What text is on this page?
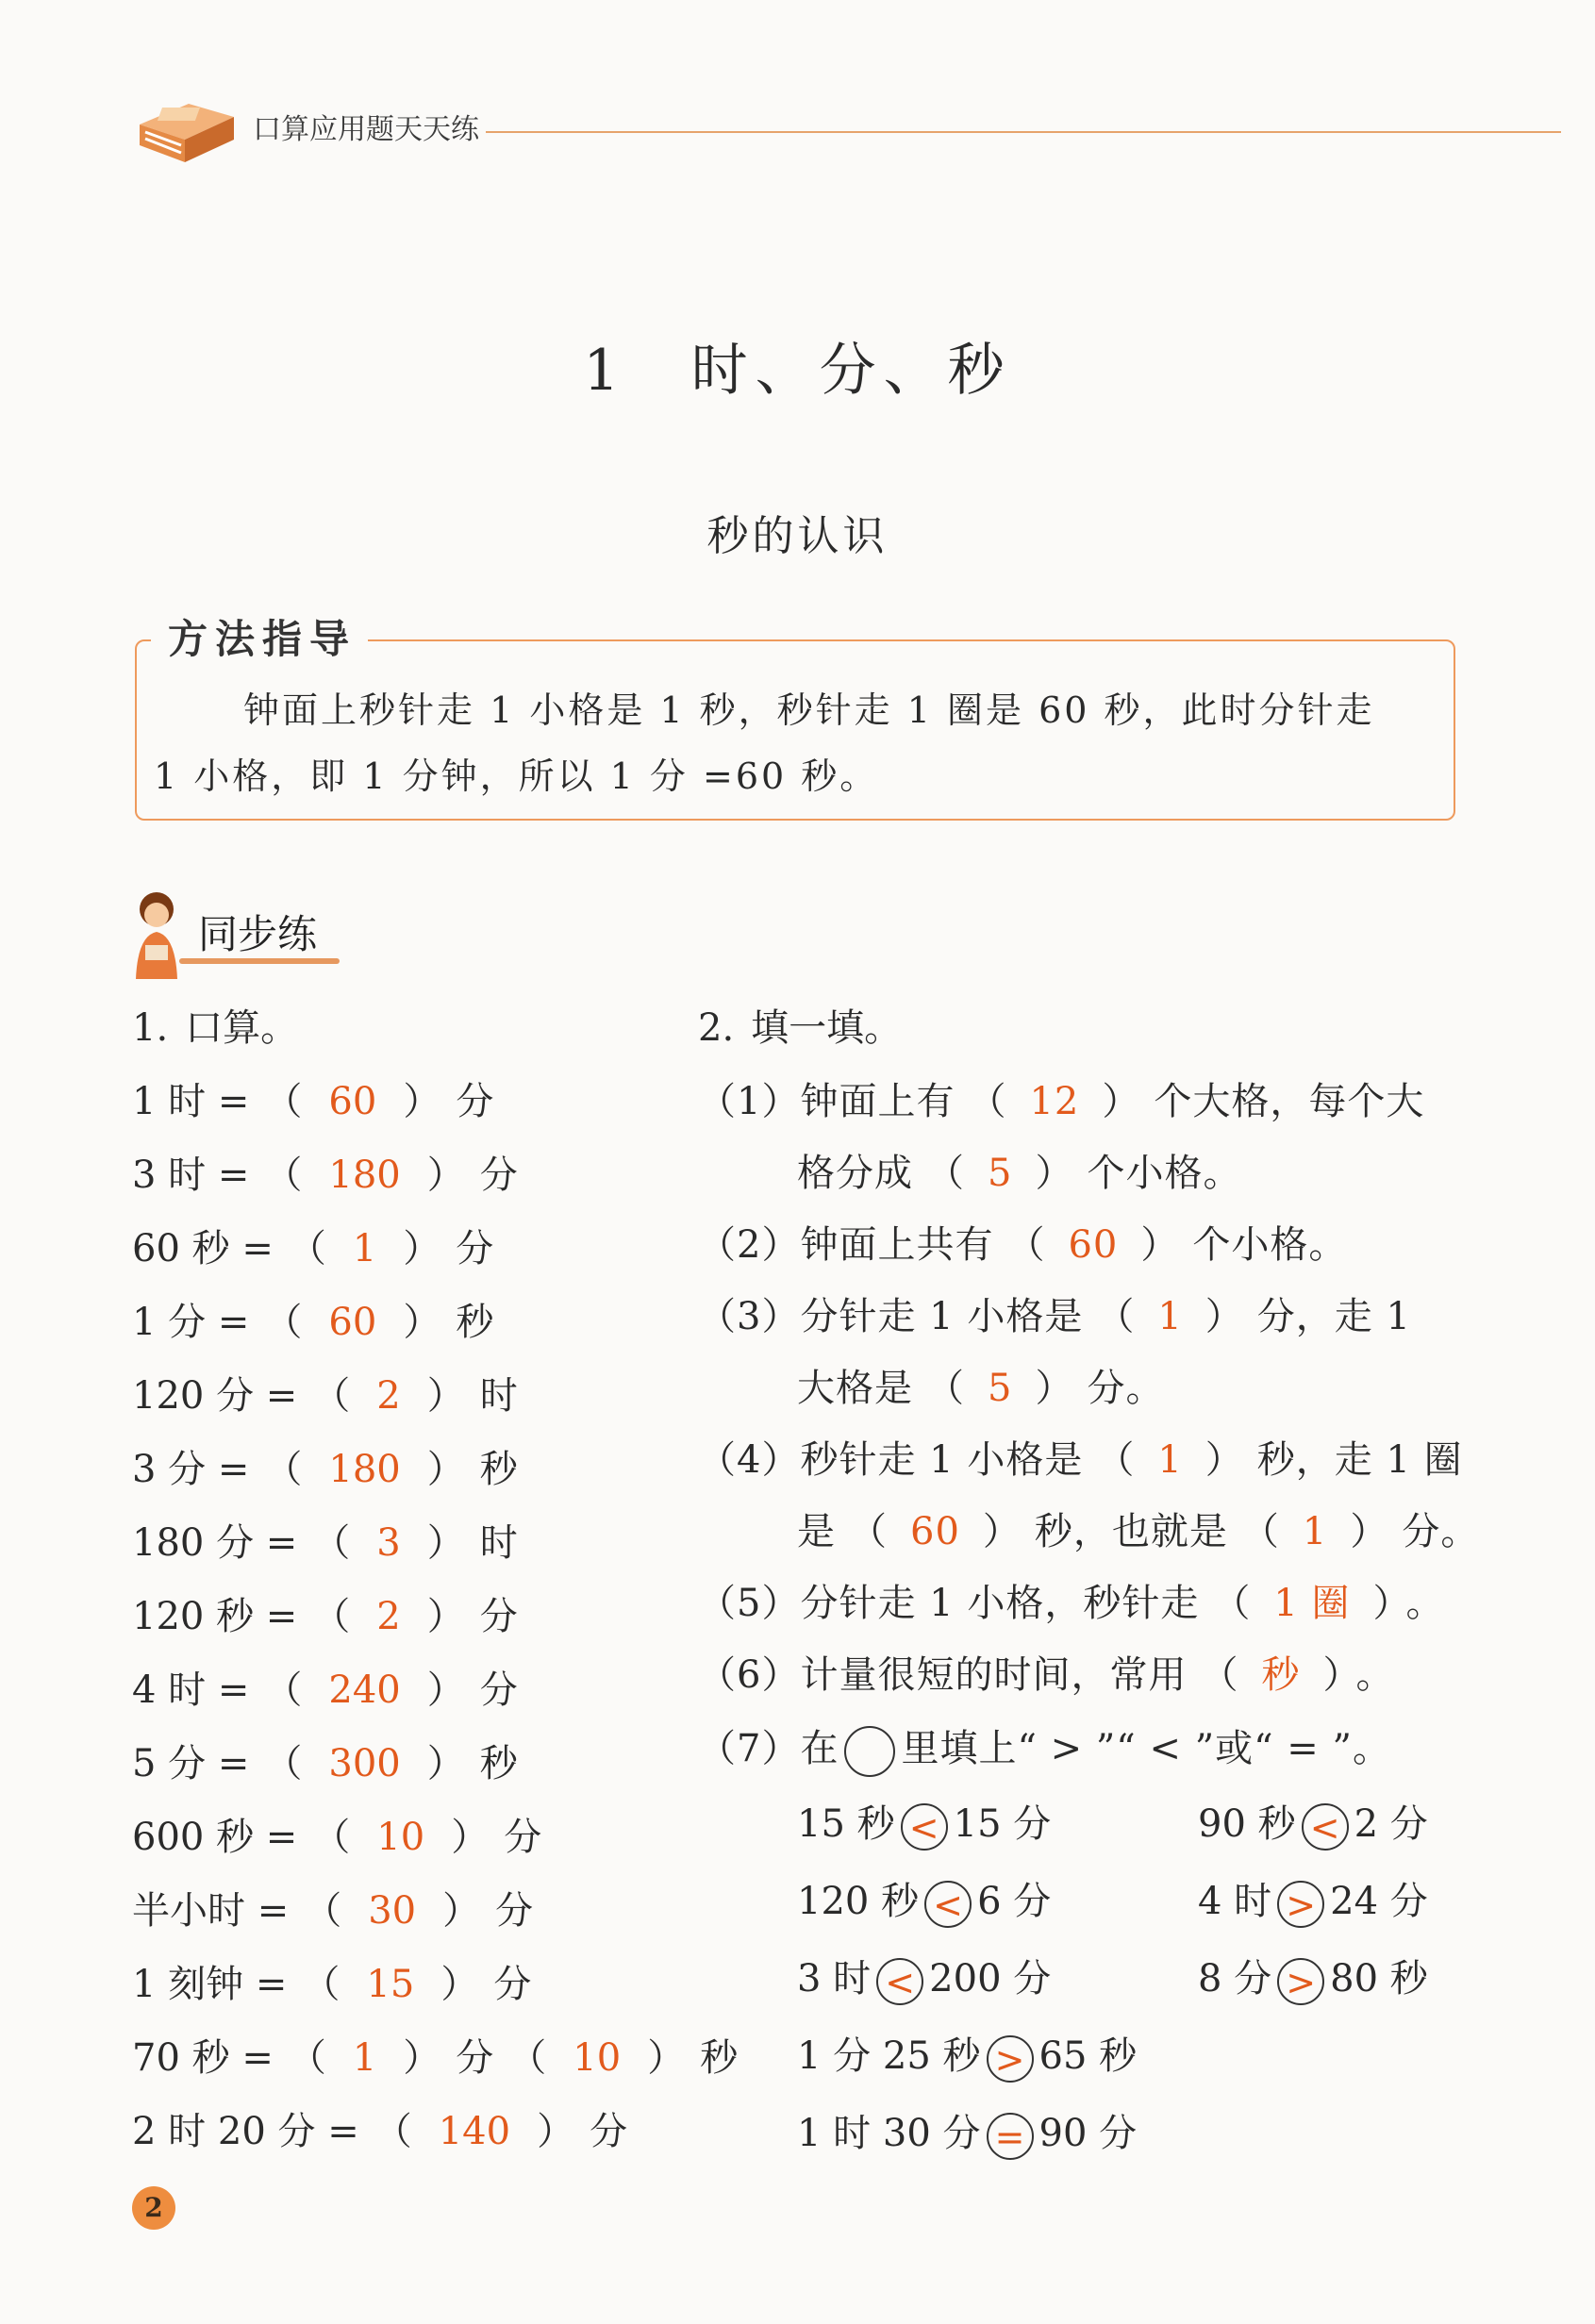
口算应用题天天练
1　时、分、秒
秒的认识
方法指导
钟面上秒针走 1 小格是 1 秒，秒针走 1 圈是 60 秒，此时分针走
1 小格，即 1 分钟，所以 1 分 =60 秒。
同步练
1. 口算。
1 时 = （ 60 ） 分
3 时 = （ 180 ） 分
60 秒 = （ 1 ） 分
1 分 = （ 60 ） 秒
120 分 = （ 2 ） 时
3 分 = （ 180 ） 秒
180 分 = （ 3 ） 时
120 秒 = （ 2 ） 分
4 时 = （ 240 ） 分
5 分 = （ 300 ） 秒
600 秒 = （ 10 ） 分
半小时 = （ 30 ） 分
1 刻钟 = （ 15 ） 分
70 秒 = （ 1 ） 分 （ 10 ） 秒
2 时 20 分 = （ 140 ） 分
2. 填一填。
（1）钟面上有 （ 12 ） 个大格，每个大
格分成 （ 5 ） 个小格。
（2）钟面上共有 （ 60 ） 个小格。
（3）分针走 1 小格是 （ 1 ） 分，走 1
大格是 （ 5 ） 分。
（4）秒针走 1 小格是 （ 1 ） 秒，走 1 圈
是 （ 60 ） 秒，也就是 （ 1 ） 分。
（5）分针走 1 小格，秒针走 （ 1 圈 ） 。
（6）计量很短的时间，常用 （ 秒 ） 。
（7）在 里填上“ > ”“ < ”或“ = ”。
15 秒 < 15 分	90 秒 < 2 分
120 秒 < 6 分	4 时 > 24 分
3 时 < 200 分	8 分 > 80 秒
1 分 25 秒 > 65 秒
1 时 30 分 = 90 分
2
